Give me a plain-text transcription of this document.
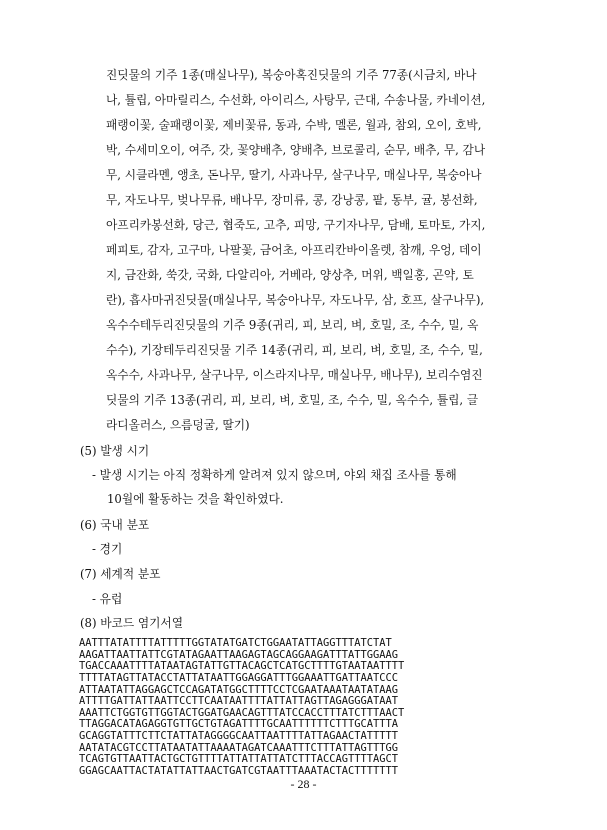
진딧물의 기주 1종(매실나무), 복숭아혹진딧물의 기주 77종(시금치, 바나
나, 튤립, 아마릴리스, 수선화, 아이리스, 사탕무, 근대, 수송나물, 카네이션,
패랭이꽃, 술패랭이꽃, 제비꽃류, 동과, 수박, 멜론, 월과, 참외, 오이, 호박,
박, 수세미오이, 여주, 갓, 꽃양배추, 양배추, 브로콜리, 순무, 배추, 무, 감나
무, 시클라멘, 앵초, 돈나무, 딸기, 사과나무, 살구나무, 매실나무, 복숭아나
무, 자도나무, 벚나무류, 배나무, 장미류, 콩, 강낭콩, 팥, 동부, 귤, 봉선화,
아프리카봉선화, 당근, 협죽도, 고추, 피망, 구기자나무, 담배, 토마토, 가지,
페피토, 감자, 고구마, 나팔꽃, 금어초, 아프리칸바이올렛, 참깨, 우엉, 데이
지, 금잔화, 쑥갓, 국화, 다알리아, 거베라, 양상추, 머위, 백일홍, 곤약, 토
란), 흡사마귀진딧물(매실나무, 복숭아나무, 자도나무, 삼, 호프, 살구나무),
옥수수테두리진딧물의 기주 9종(귀리, 피, 보리, 벼, 호밀, 조, 수수, 밀, 옥
수수), 기장테두리진딧물 기주 14종(귀리, 피, 보리, 벼, 호밀, 조, 수수, 밀,
옥수수, 사과나무, 살구나무, 이스라지나무, 매실나무, 배나무), 보리수염진
딧물의 기주 13종(귀리, 피, 보리, 벼, 호밀, 조, 수수, 밀, 옥수수, 튤립, 글
라디올러스, 으름덩굴, 딸기)
(5) 발생 시기
- 발생 시기는 아직 정확하게 알려져 있지 않으며, 야외 채집 조사를 통해
10월에 활동하는 것을 확인하였다.
(6) 국내 분포
- 경기
(7) 세계적 분포
- 유럽
(8) 바코드 염기서열
AATTTATATTTTATTTTTGGTATATGATCTGGAATATTAGGTTTATCTAT
AAGATTAATTATTCGTATAGAATTAAGAGTAGCAGGAAGATTTATTGGAAG
TGACCAAATTTTATAATAGTATTGTTACAGCTCATGCTTTTGTAATAATTTT
TTTTATAGTTATACCTATTATAATTGGAGGATTTGGAAATTGATTAATCCC
ATTAATATTAGGAGCTCCAGATATGGCTTTTCCTCGAATAAATAATATAAG
ATTTTGATTATTAATTCCTTCAATAATTTTATTATTAGTTAGAGGGATAAT
AAATTCTGGTGTTGGTACTGGATGAACAGTTTATCCACCTTTATCTTTAACT
TTAGGACATAGAGGTGTTGCTGTAGATTTTGCAATTTTTTCTTTGCATTTA
GCAGGTATTTCTTCTATTATAGGGGCAATTAATTTTATTAGAACTATTTTT
AATATACGTCCTTATAATATTAAAATAGATCAAATTTCTTTATTAGTTTGG
TCAGTGTTAATTACTGCTGTTTTATTATTATTATCTTTACCAGTTTTAGCT
GGAGCAATTACTATATTATTAACTGATCGTAATTTAAATACTACTTTTTTT
- 28 -
